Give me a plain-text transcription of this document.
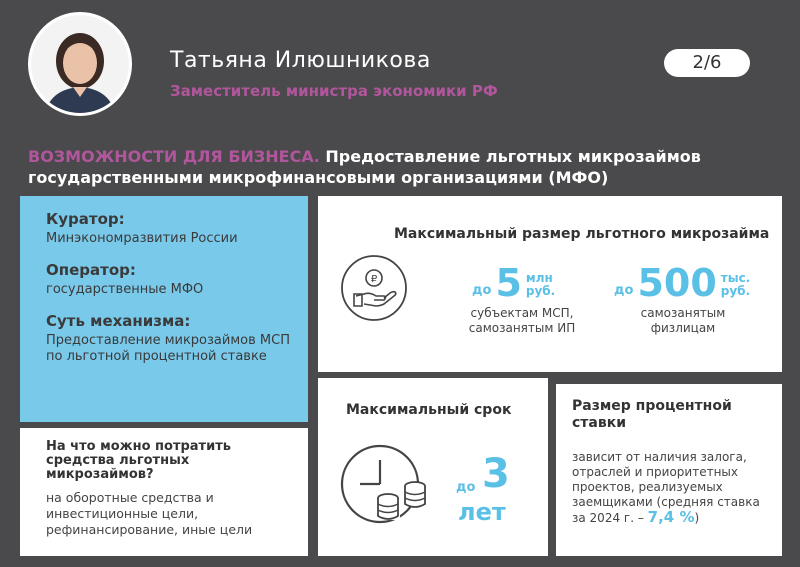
Татьяна Илюшникова
Заместитель министра экономики РФ
2/6
ВОЗМОЖНОСТИ ДЛЯ БИЗНЕСА. Предоставление льготных микрозаймов государственными микрофинансовыми организациями (МФО)
Куратор:
Минэкономразвития России
Оператор:
государственные МФО
Суть механизма:
Предоставление микрозаймов МСП по льготной процентной ставке
На что можно потратить средства льготных микрозаймов?
на оборотные средства и инвестиционные цели, рефинансирование, иные цели
Максимальный размер льготного микрозайма
₽
до 5 млн
руб.
субъектам МСП, самозанятым ИП
до 500 тыс.
руб.
самозанятым физлицам
Максимальный срок
до 3
лет
Размер процентной ставки
зависит от наличия залога, отраслей и приоритетных проектов, реализуемых заемщиками (средняя ставка за 2024 г. – 7,4 %)
